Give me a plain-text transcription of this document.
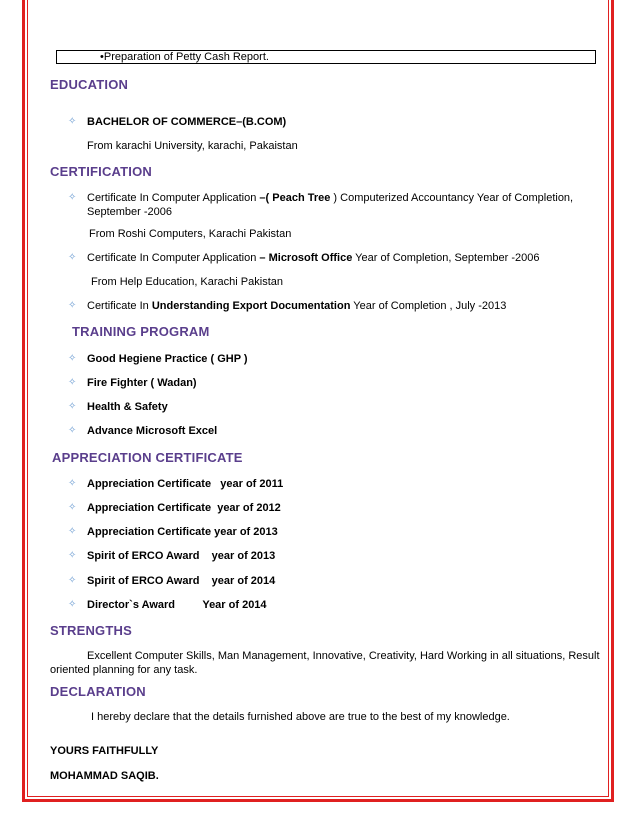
•Preparation of Petty Cash Report.
EDUCATION
✧ BACHELOR OF COMMERCE–(B.COM)
From karachi University, karachi, Pakaistan
CERTIFICATION
✧ Certificate In Computer Application –( Peach Tree ) Computerized Accountancy Year of Completion,
September -2006
From Roshi Computers, Karachi Pakistan
✧ Certificate In Computer Application – Microsoft Office Year of Completion, September -2006
From Help Education, Karachi Pakistan
✧ Certificate In Understanding Export Documentation Year of Completion , July -2013
TRAINING PROGRAM
✧ Good Hegiene Practice ( GHP )
✧ Fire Fighter ( Wadan)
✧ Health & Safety
✧ Advance Microsoft Excel
APPRECIATION CERTIFICATE
✧ Appreciation Certificate   year of 2011
✧ Appreciation Certificate  year of 2012
✧ Appreciation Certificate year of 2013
✧ Spirit of ERCO Award    year of 2013
✧ Spirit of ERCO Award    year of 2014
✧ Director`s Award         Year of 2014
STRENGTHS
Excellent Computer Skills, Man Management, Innovative, Creativity, Hard Working in all situations, Result
oriented planning for any task.
DECLARATION
I hereby declare that the details furnished above are true to the best of my knowledge.
YOURS FAITHFULLY
MOHAMMAD SAQIB.
